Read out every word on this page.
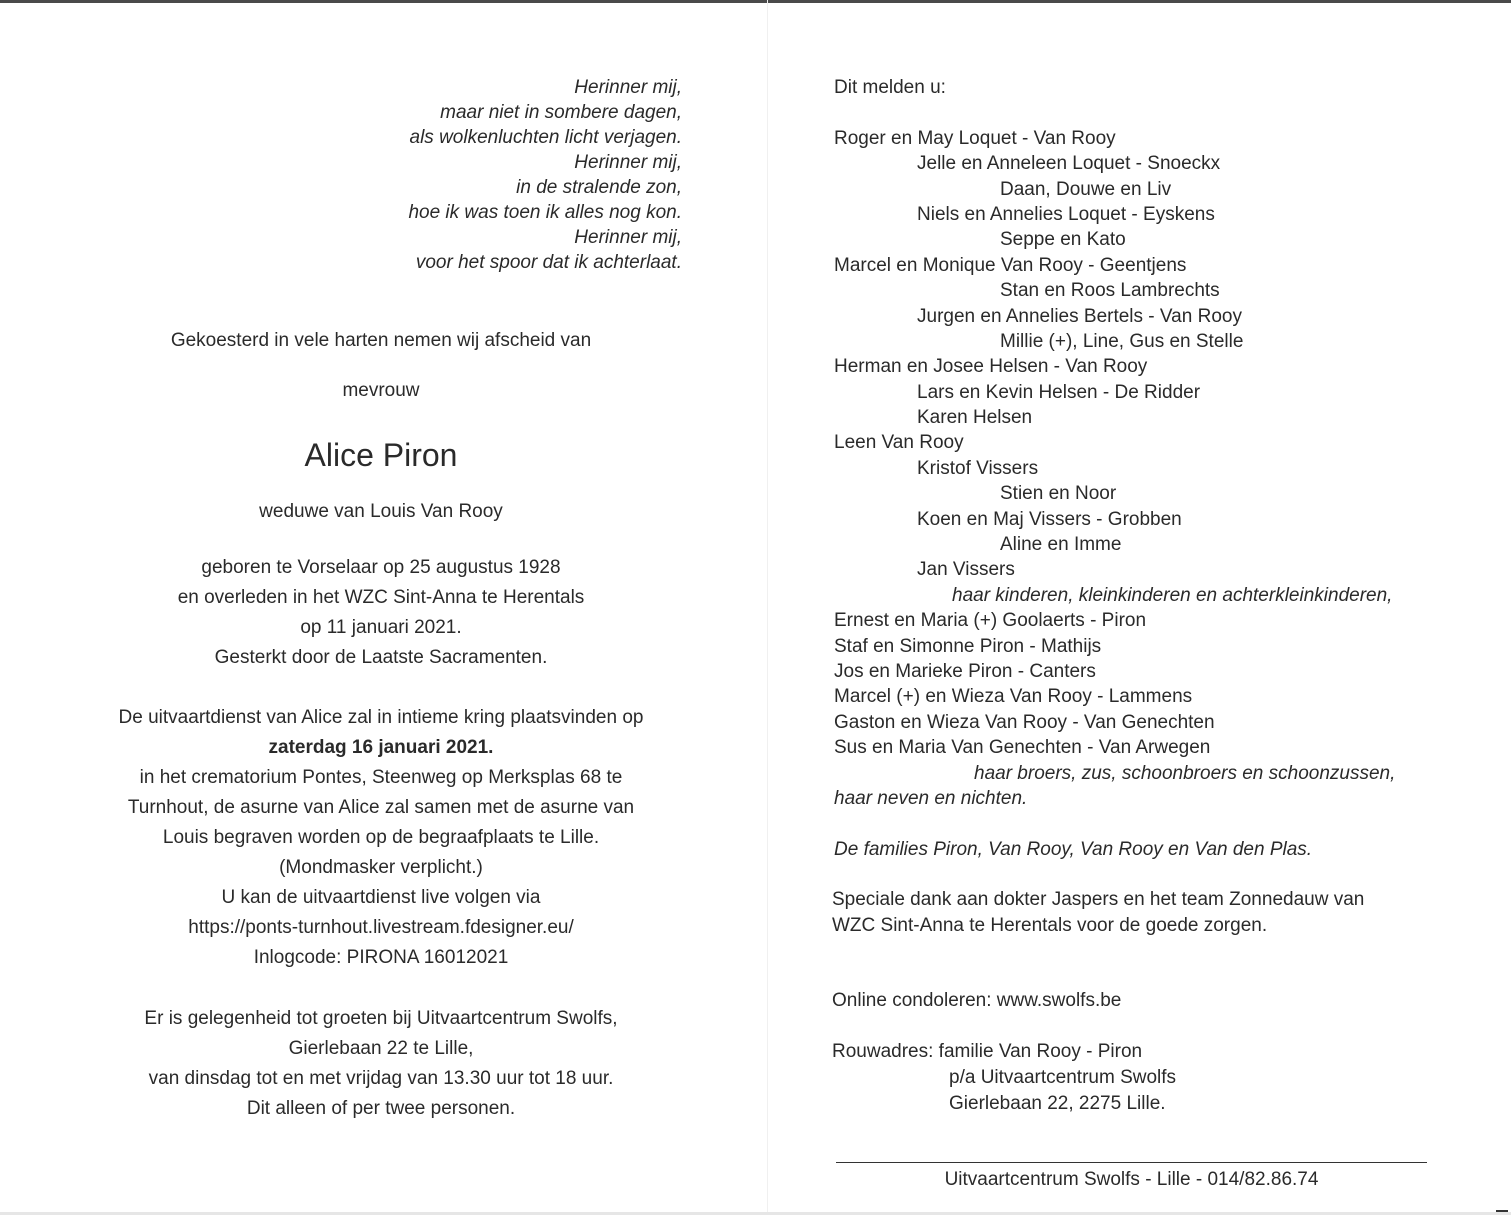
Herinner mij,
maar niet in sombere dagen,
als wolkenluchten licht verjagen.
Herinner mij,
in de stralende zon,
hoe ik was toen ik alles nog kon.
Herinner mij,
voor het spoor dat ik achterlaat.
Gekoesterd in vele harten nemen wij afscheid van
mevrouw
Alice Piron
weduwe van Louis Van Rooy
geboren te Vorselaar op 25 augustus 1928
en overleden in het WZC Sint-Anna te Herentals
op 11 januari 2021.
Gesterkt door de Laatste Sacramenten.
De uitvaartdienst van Alice zal in intieme kring plaatsvinden op
zaterdag 16 januari 2021.
in het crematorium Pontes, Steenweg op Merksplas 68 te
Turnhout, de asurne van Alice zal samen met de asurne van
Louis begraven worden op de begraafplaats te Lille.
(Mondmasker verplicht.)
U kan de uitvaartdienst live volgen via
https://ponts-turnhout.livestream.fdesigner.eu/
Inlogcode: PIRONA 16012021
Er is gelegenheid tot groeten bij Uitvaartcentrum Swolfs,
Gierlebaan 22 te Lille,
van dinsdag tot en met vrijdag van 13.30 uur tot 18 uur.
Dit alleen of per twee personen.
Dit melden u:
Roger en May Loquet - Van Rooy
Jelle en Anneleen Loquet - Snoeckx
Daan, Douwe en Liv
Niels en Annelies Loquet - Eyskens
Seppe en Kato
Marcel en Monique Van Rooy - Geentjens
Stan en Roos Lambrechts
Jurgen en Annelies Bertels - Van Rooy
Millie (+), Line, Gus en Stelle
Herman en Josee Helsen - Van Rooy
Lars en Kevin Helsen - De Ridder
Karen Helsen
Leen Van Rooy
Kristof Vissers
Stien en Noor
Koen en Maj Vissers - Grobben
Aline en Imme
Jan Vissers
haar kinderen, kleinkinderen en achterkleinkinderen,
Ernest en Maria (+) Goolaerts - Piron
Staf en Simonne Piron - Mathijs
Jos en Marieke Piron - Canters
Marcel (+) en Wieza Van Rooy - Lammens
Gaston en Wieza Van Rooy - Van Genechten
Sus en Maria Van Genechten - Van Arwegen
haar broers, zus, schoonbroers en schoonzussen,
haar neven en nichten.
De families Piron, Van Rooy, Van Rooy en Van den Plas.
Speciale dank aan dokter Jaspers en het team Zonnedauw van
WZC Sint-Anna te Herentals voor de goede zorgen.
Online condoleren: www.swolfs.be
Rouwadres: familie Van Rooy - Piron
p/a Uitvaartcentrum Swolfs
Gierlebaan 22, 2275 Lille.
Uitvaartcentrum Swolfs - Lille - 014/82.86.74
